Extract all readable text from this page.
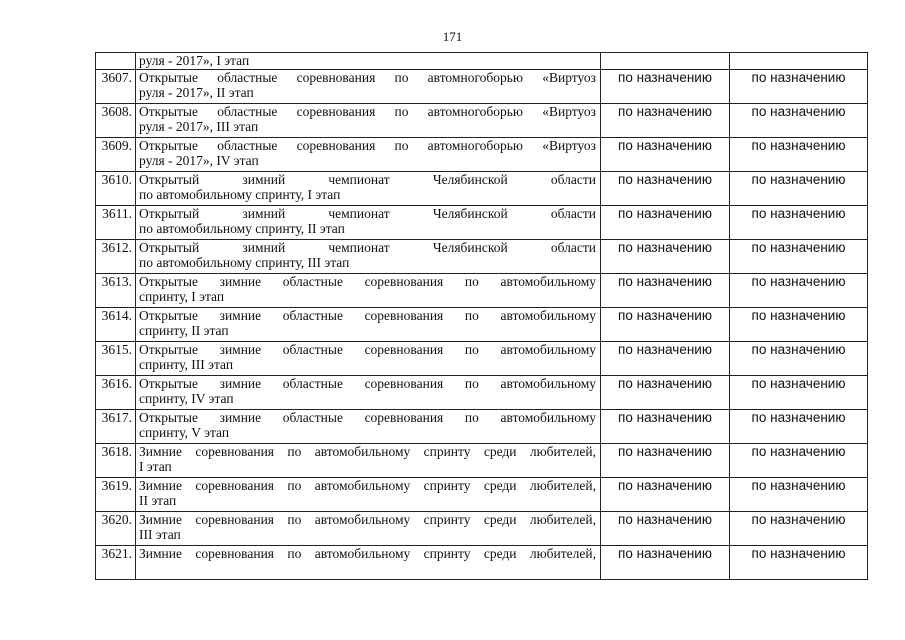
171

	руля - 2017», I этап		

3607.	Открытые областные соревнования по автомногоборью «Виртуоз
руля - 2017», II этап	по назначению	по назначению
3608.	Открытые областные соревнования по автомногоборью «Виртуоз
руля - 2017», III этап	по назначению	по назначению
3609.	Открытые областные соревнования по автомногоборью «Виртуоз
руля - 2017», IV этап	по назначению	по назначению
3610.	Открытый зимний чемпионат Челябинской области
по автомобильному спринту, I этап	по назначению	по назначению
3611.	Открытый зимний чемпионат Челябинской области
по автомобильному спринту, II этап	по назначению	по назначению
3612.	Открытый зимний чемпионат Челябинской области
по автомобильному спринту, III этап	по назначению	по назначению
3613.	Открытые зимние областные соревнования по автомобильному
спринту, I этап	по назначению	по назначению
3614.	Открытые зимние областные соревнования по автомобильному
спринту, II этап	по назначению	по назначению
3615.	Открытые зимние областные соревнования по автомобильному
спринту, III этап	по назначению	по назначению
3616.	Открытые зимние областные соревнования по автомобильному
спринту, IV этап	по назначению	по назначению
3617.	Открытые зимние областные соревнования по автомобильному
спринту, V этап	по назначению	по назначению
3618.	Зимние соревнования по автомобильному спринту среди любителей,
I этап	по назначению	по назначению
3619.	Зимние соревнования по автомобильному спринту среди любителей,
II этап	по назначению	по назначению
3620.	Зимние соревнования по автомобильному спринту среди любителей,
III этап	по назначению	по назначению
3621.	Зимние соревнования по автомобильному спринту среди любителей,	по назначению	по назначению
